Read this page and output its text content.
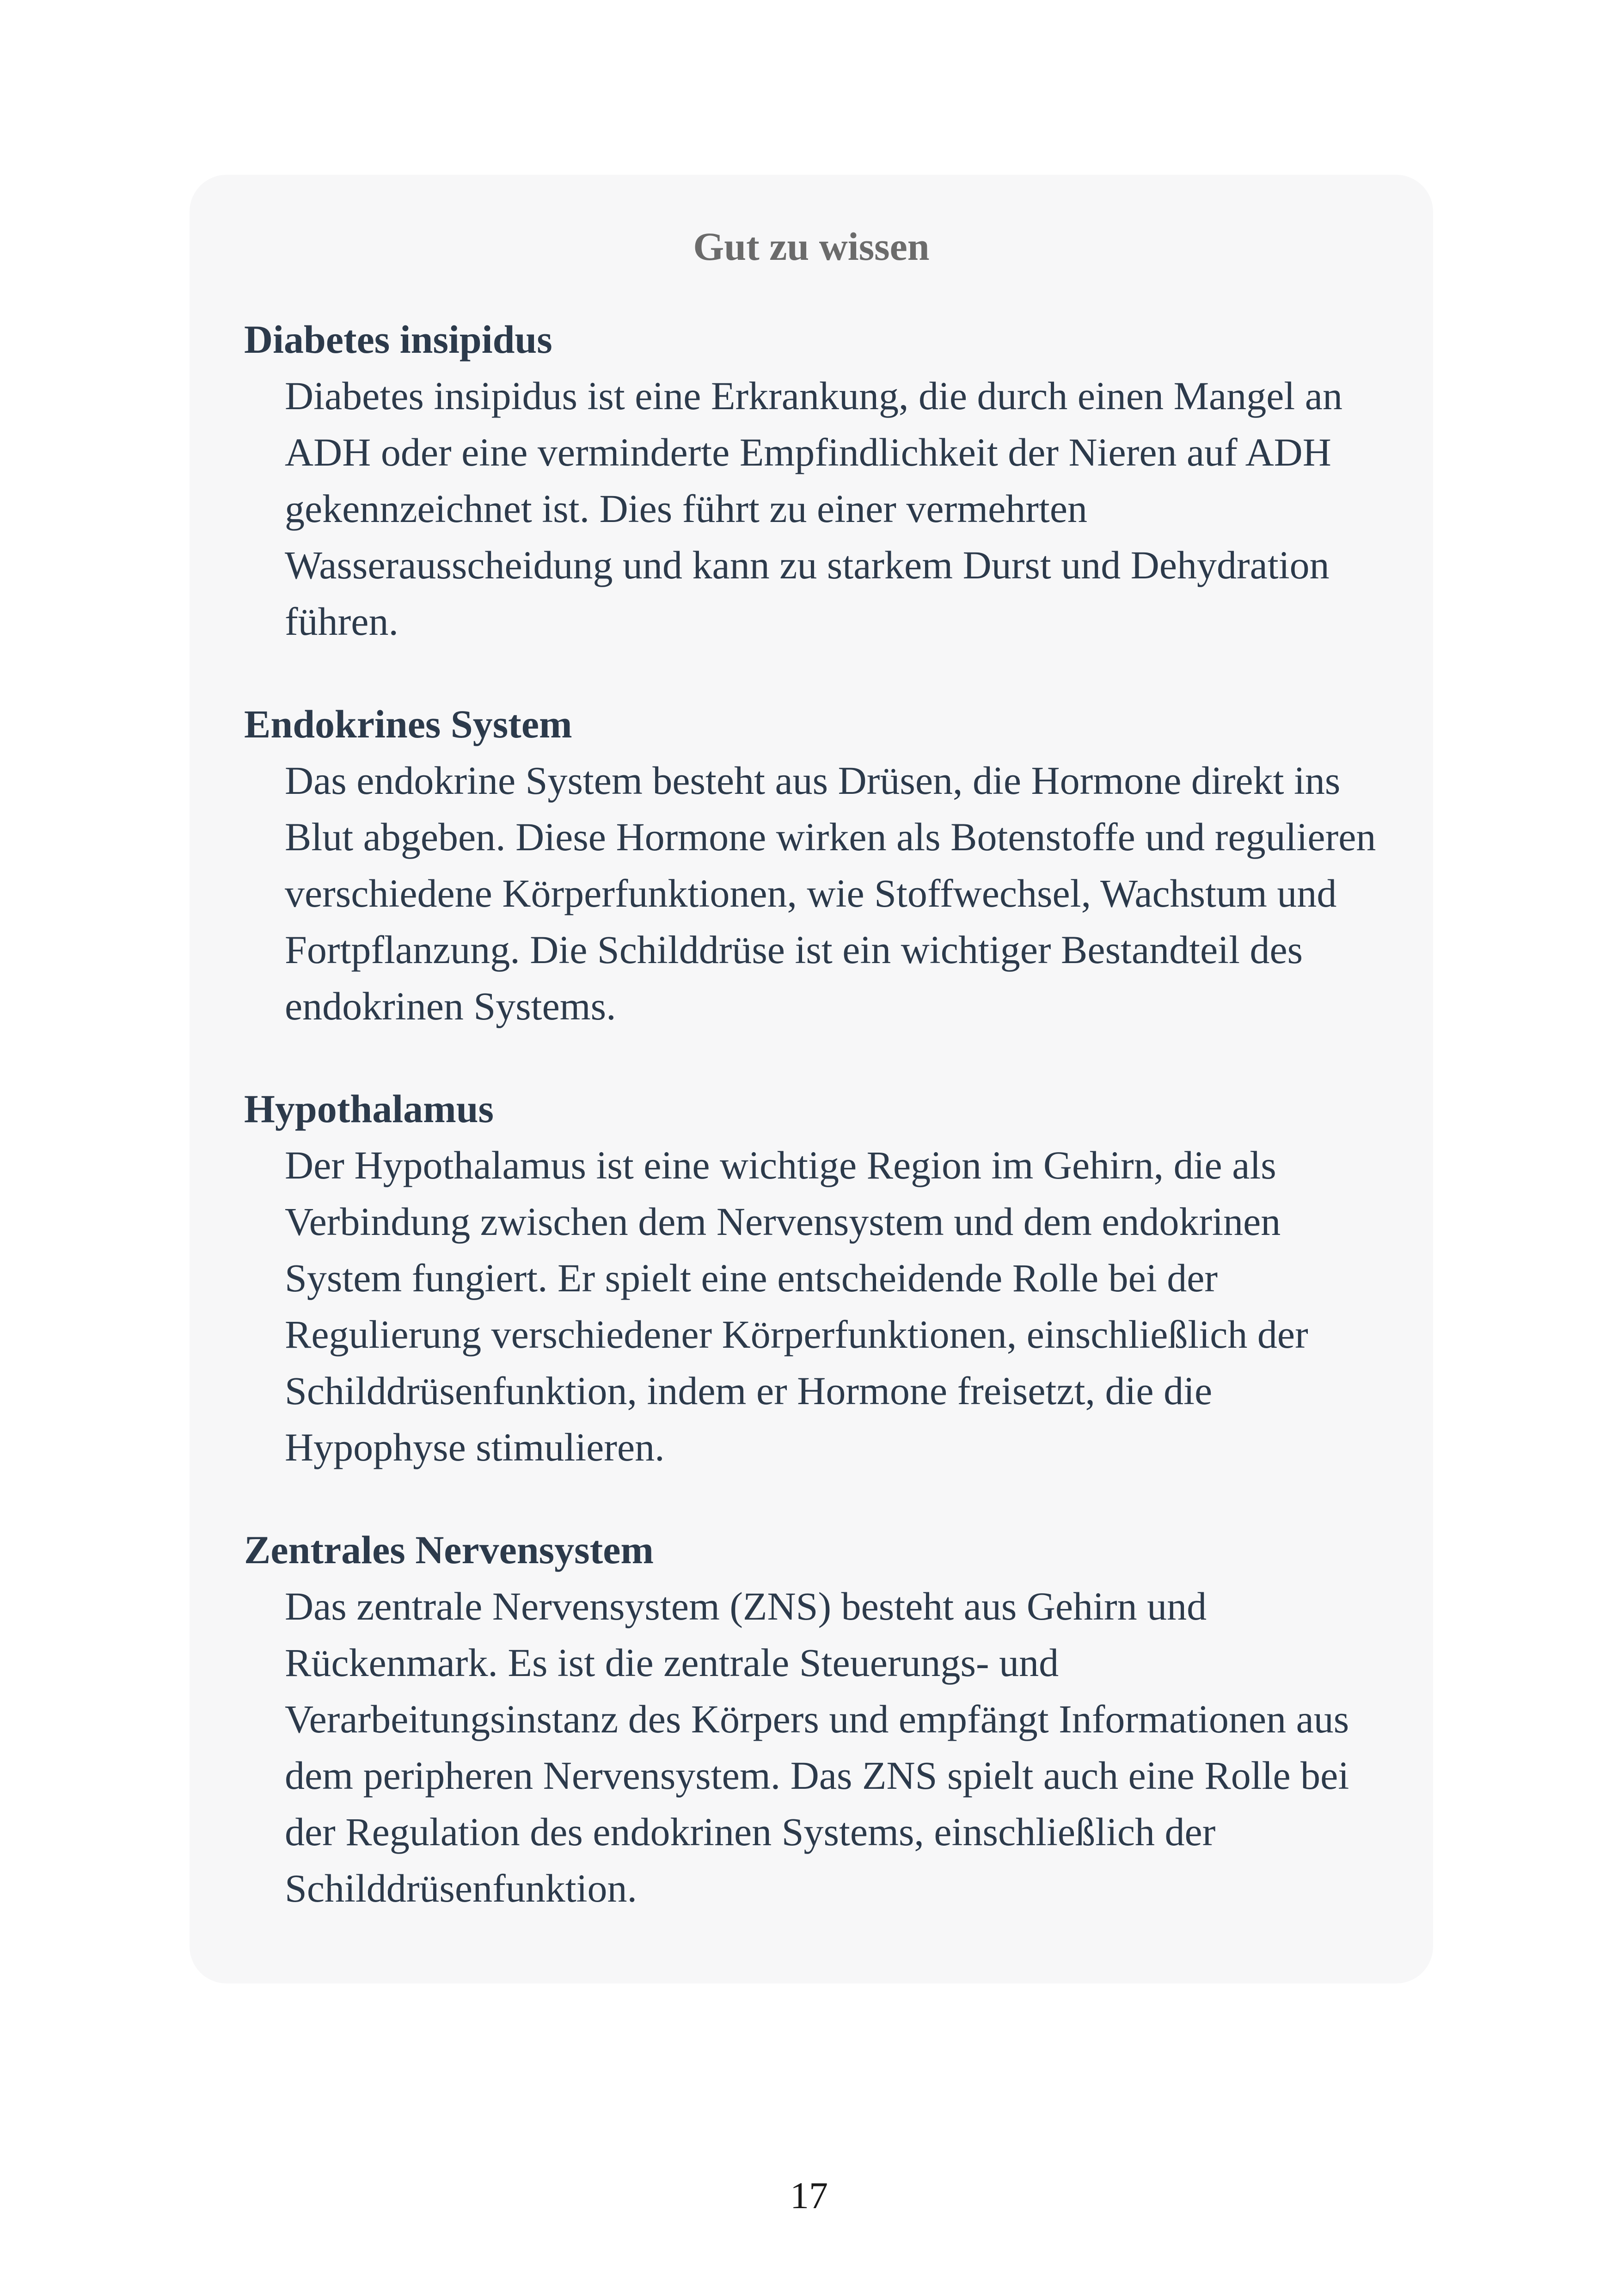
Gut zu wissen

Diabetes insipidus

Diabetes insipidus ist eine Erkrankung, die durch einen Mangel an ADH oder eine verminderte Empfindlichkeit der Nieren auf ADH gekennzeichnet ist. Dies führt zu einer vermehrten Wasserausscheidung und kann zu starkem Durst und Dehydration führen.

Endokrines System

Das endokrine System besteht aus Drüsen, die Hormone direkt ins Blut abgeben. Diese Hormone wirken als Botenstoffe und regulieren verschiedene Körperfunktionen, wie Stoffwechsel, Wachstum und Fortpflanzung. Die Schilddrüse ist ein wichtiger Bestandteil des endokrinen Systems.

Hypothalamus

Der Hypothalamus ist eine wichtige Region im Gehirn, die als Verbindung zwischen dem Nervensystem und dem endokrinen System fungiert. Er spielt eine entscheidende Rolle bei der Regulierung verschiedener Körperfunktionen, einschließlich der Schilddrüsenfunktion, indem er Hormone freisetzt, die die Hypophyse stimulieren.

Zentrales Nervensystem

Das zentrale Nervensystem (ZNS) besteht aus Gehirn und Rückenmark. Es ist die zentrale Steuerungs- und Verarbeitungsinstanz des Körpers und empfängt Informationen aus dem peripheren Nervensystem. Das ZNS spielt auch eine Rolle bei der Regulation des endokrinen Systems, einschließlich der Schilddrüsenfunktion.

17
